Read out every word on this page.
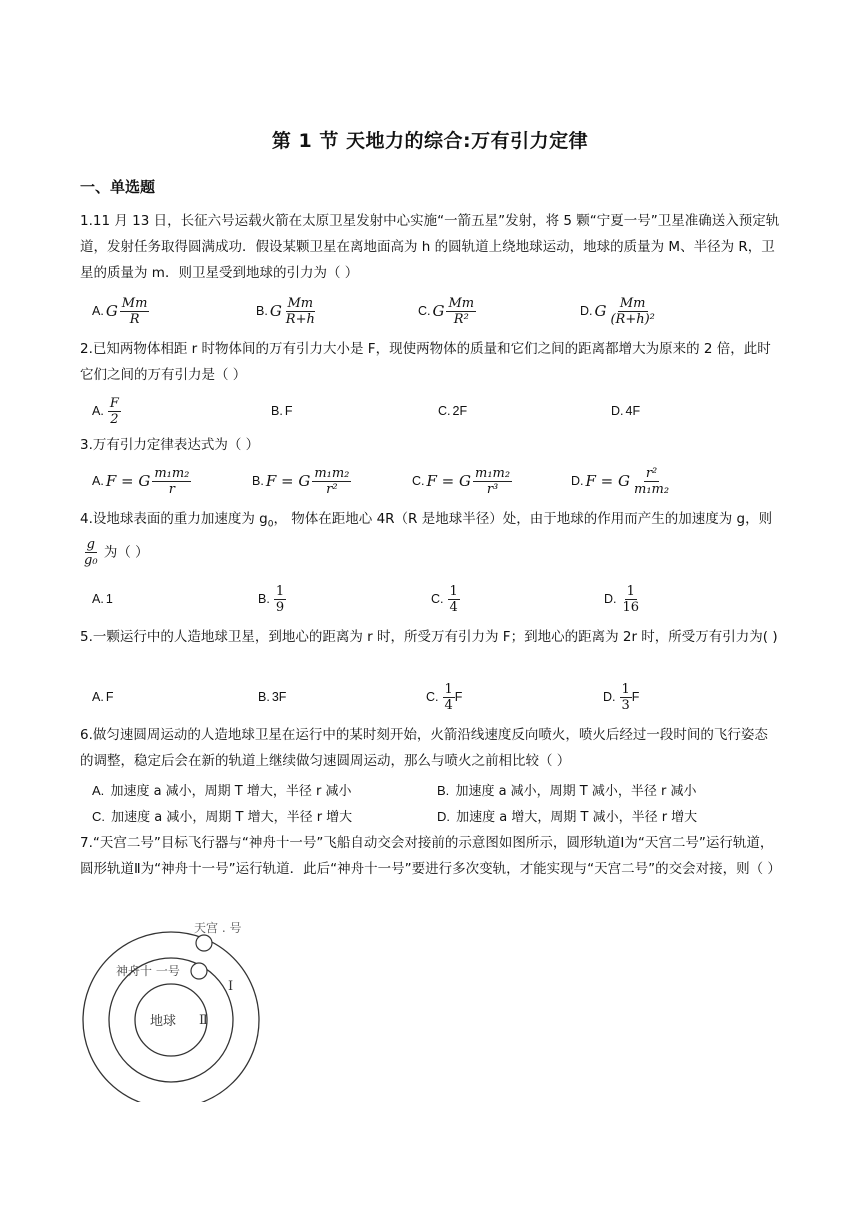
第 1 节 天地力的综合:万有引力定律
一、单选题
1.11 月 13 日，长征六号运载火箭在太原卫星发射中心实施“一箭五星”发射，将 5 颗“宁夏一号”卫星准确送入预定轨道，发射任务取得圆满成功．假设某颗卫星在离地面高为 h 的圆轨道上绕地球运动，地球的质量为 M、半径为 R，卫星的质量为 m．则卫星受到地球的引力为（ ）
A. G $\frac{Mm}{R}$	B. G $\frac{Mm}{R+h}$	C. G $\frac{Mm}{\text{R²}}$	D. G $\frac{Mm}{\text{(R+h)²}}$
2.已知两物体相距 r 时物体间的万有引力大小是 F，现使两物体的质量和它们之间的距离都增大为原来的 2 倍，此时它们之间的万有引力是（ ）
A. $\frac{F}{2}$	B. F	C. 2F	D. 4F
3.万有引力定律表达式为（ ）
A. F = G $\frac{\text{m₁m₂}}{r}$	B. F = G $\frac{\text{m₁m₂}}{\text{r²}}$	C. F = G $\frac{\text{m₁m₂}}{\text{r³}}$	D. F = G $\frac{\text{r²}}{\text{m₁m₂}}$
4.设地球表面的重力加速度为 $g_0$， 物体在距地心 4R（R 是地球半径）处，由于地球的作用而产生的加速度为 g，则
$\frac{g}{\text{g₀}}$ 为（ ）
A. 1	B. $\frac{1}{9}$	C. $\frac{1}{4}$	D. $\frac{1}{16}$
5.一颗运行中的人造地球卫星，到地心的距离为 r 时，所受万有引力为 F；到地心的距离为 2r 时，所受万有引力为( )
A. F	B. 3F	C. $\frac{1}{4}$ F	D. $\frac{1}{3}$ F
6.做匀速圆周运动的人造地球卫星在运行中的某时刻开始，火箭沿线速度反向喷火，喷火后经过一段时间的飞行姿态的调整，稳定后会在新的轨道上继续做匀速圆周运动，那么与喷火之前相比较（ ）
A. 加速度 a 减小，周期 T 增大，半径 r 减小	B. 加速度 a 减小，周期 T 减小，半径 r 减小
C. 加速度 a 减小，周期 T 增大，半径 r 增大	D. 加速度 a 增大，周期 T 减小，半径 r 增大
7.“天宫二号”目标飞行器与“神舟十一号”飞船自动交会对接前的示意图如图所示，圆形轨道Ⅰ为“天宫二号”运行轨道，圆形轨道Ⅱ为“神舟十一号”运行轨道．此后“神舟十一号”要进行多次变轨，才能实现与“天宫二号”的交会对接，则（ ）
天宫 . 号
神舟十 一号
地球
Ⅰ
Ⅱ
